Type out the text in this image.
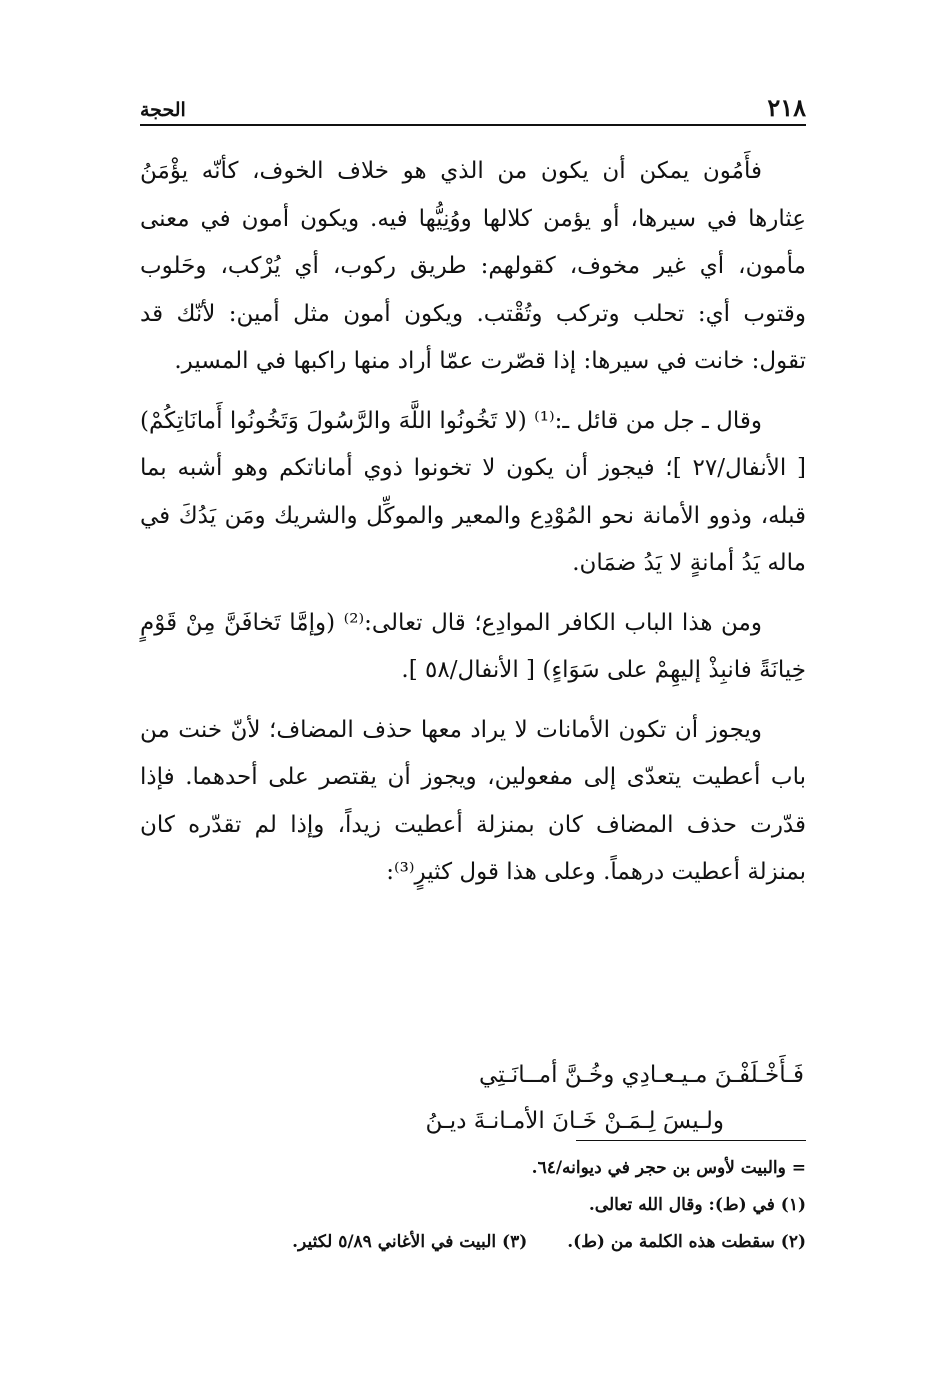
٢١٨
الحجة

فأَمُون يمكن أن يكون من الذي هو خلاف الخوف، كأنّه يؤْمَنُ عِثارها في سيرها، أو يؤمن كلالها ووُنِيُّها فيه. ويكون أمون في معنى مأمون، أي غير مخوف، كقولهم: طريق ركوب، أي يُرْكب، وحَلوب وقتوب أي: تحلب وتركب وتُقْتب. ويكون أمون مثل أمين: لأنّك قد تقول: خانت في سيرها: إذا قصّرت عمّا أراد منها راكبها في المسير.

وقال ـ جل من قائل ـ:⁽¹⁾ (لا تَخُونُوا اللَّهَ والرَّسُولَ وَتَخُونُوا أَمانَاتِكُمْ) [ الأنفال/٢٧ ]؛ فيجوز أن يكون لا تخونوا ذوي أماناتكم وهو أشبه بما قبله، وذوو الأمانة نحو المُوْدِع والمعير والموكِّل والشريك ومَن يَدُكَ في ماله يَدُ أمانةٍ لا يَدُ ضمَان.

ومن هذا الباب الكافر الموادِع؛ قال تعالى:⁽²⁾ (وإمَّا تَخافَنَّ مِنْ قَوْمٍ خِيانَةً فانبِذْ إليهِمْ على سَوَاءٍ) [ الأنفال/٥٨ ].

ويجوز أن تكون الأمانات لا يراد معها حذف المضاف؛ لأنّ خنت من باب أعطيت يتعدّى إلى مفعولين، ويجوز أن يقتصر على أحدهما. فإذا قدّرت حذف المضاف كان بمنزلة أعطيت زيداً، وإذا لم تقدّره كان بمنزلة أعطيت درهماً. وعلى هذا قول كثيرٍ⁽³⁾:

فَـأَخْـلَفْـنَ مـيـعـادِي وخُـنَّ أمــانَـتِي
ولـيسَ لِـمَـنْ خَـانَ الأمـانـةَ ديـنُ
= والبيت لأوس بن حجر في ديوانه/٦٤.
(١) في (ط): وقال الله تعالى.
(٢) سقطت هذه الكلمة من (ط).
(٣) البيت في الأغاني ٥/٨٩ لكثير.
